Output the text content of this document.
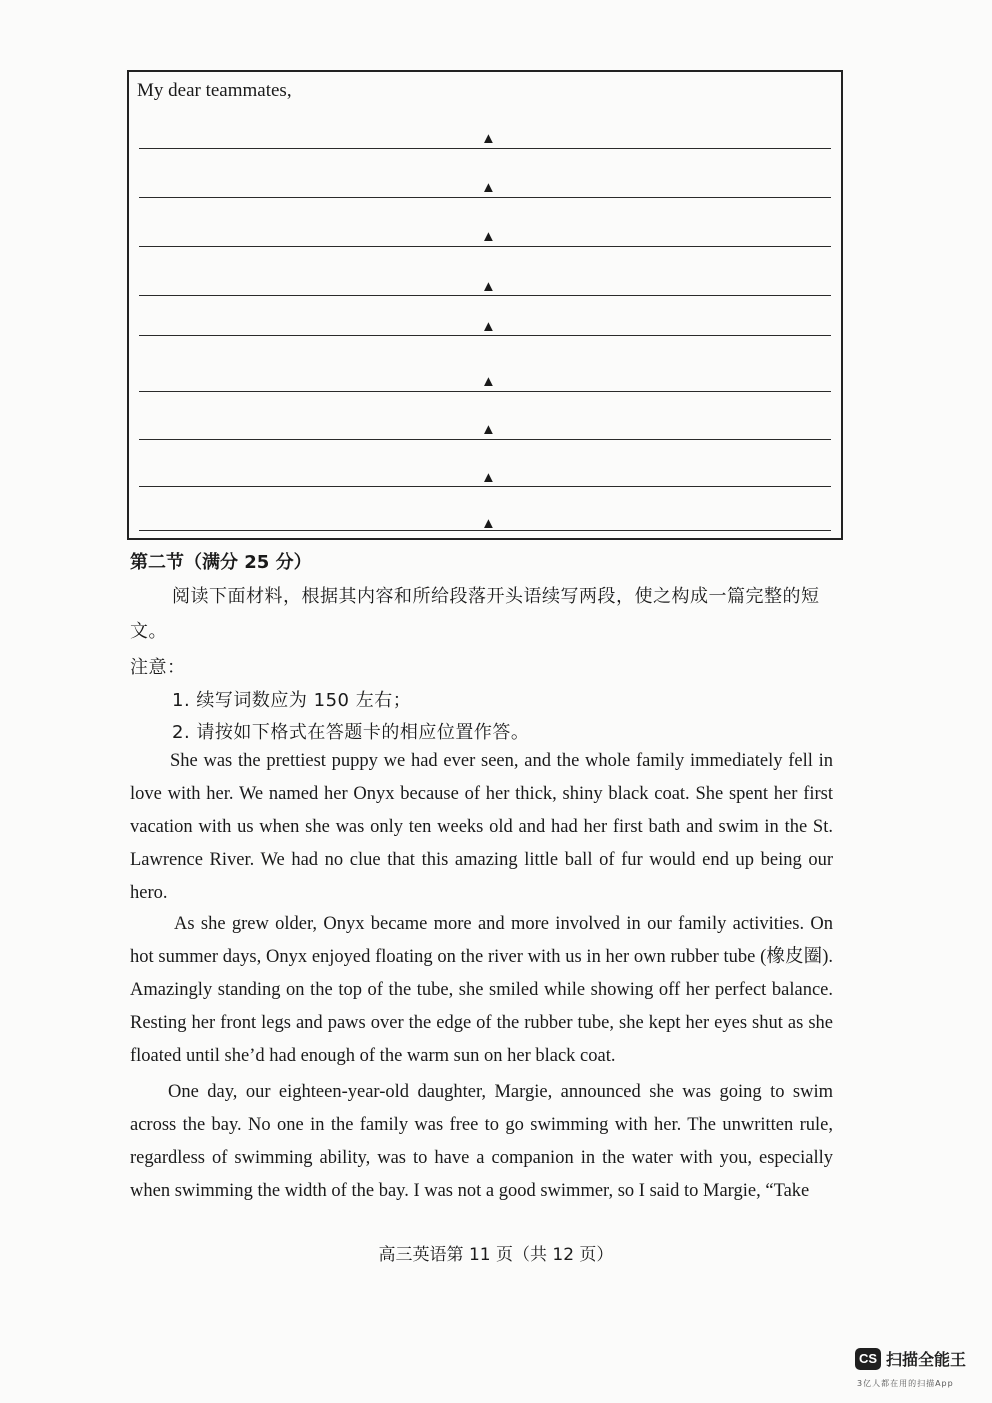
My dear teammates,
▲
▲
▲
▲
▲
▲
▲
▲
▲
第二节（满分 25 分）
阅读下面材料，根据其内容和所给段落开头语续写两段，使之构成一篇完整的短
文。
注意：
1. 续写词数应为 150 左右；
2. 请按如下格式在答题卡的相应位置作答。

She was the prettiest puppy we had ever seen, and the whole family immediately fell in love with her. We named her Onyx because of her thick, shiny black coat. She spent her first vacation with us when she was only ten weeks old and had her first bath and swim in the St. Lawrence River. We had no clue that this amazing little ball of fur would end up being our hero.

As she grew older, Onyx became more and more involved in our family activities. On hot summer days, Onyx enjoyed floating on the river with us in her own rubber tube (橡皮圈). Amazingly standing on the top of the tube, she smiled while showing off her perfect balance. Resting her front legs and paws over the edge of the rubber tube, she kept her eyes shut as she floated until she’d had enough of the warm sun on her black coat.

One day, our eighteen-year-old daughter, Margie, announced she was going to swim across the bay. No one in the family was free to go swimming with her. The unwritten rule, regardless of swimming ability, was to have a companion in the water with you, especially when swimming the width of the bay. I was not a good swimmer, so I said to Margie, “Take

高三英语第 11 页（共 12 页）
CS 扫描全能王
3亿人都在用的扫描App
